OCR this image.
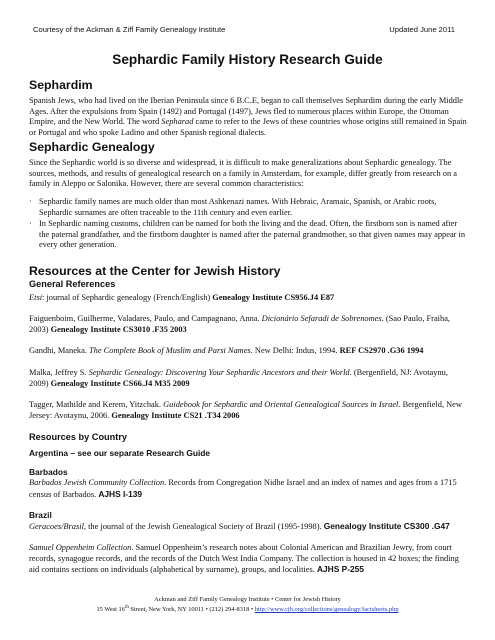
Courtesy of the Ackman & Ziff Family Genealogy Institute	Updated June 2011
Sephardic Family History Research Guide
Sephardim
Spanish Jews, who had lived on the Iberian Peninsula since 6 B.C.E, began to call themselves Sephardim during the early Middle Ages. After the expulsions from Spain (1492) and Portugal (1497), Jews fled to numerous places within Europe, the Ottoman Empire, and the New World. The word Sepharad came to refer to the Jews of these countries whose origins still remained in Spain or Portugal and who spoke Ladino and other Spanish regional dialects.
Sephardic Genealogy
Since the Sephardic world is so diverse and widespread, it is difficult to make generalizations about Sephardic genealogy. The sources, methods, and results of genealogical research on a family in Amsterdam, for example, differ greatly from research on a family in Aleppo or Salonika. However, there are several common characteristics:
· Sephardic family names are much older than most Ashkenazi names. With Hebraic, Aramaic, Spanish, or Arabic roots, Sephardic surnames are often traceable to the 11th century and even earlier.
· In Sephardic naming customs, children can be named for both the living and the dead. Often, the firstborn son is named after the paternal grandfather, and the firstborn daughter is named after the paternal grandmother, so that given names may appear in every other generation.
Resources at the Center for Jewish History
General References
Etsi: journal of Sephardic genealogy (French/English) Genealogy Institute CS956.J4 E87
Faiguenboim, Guilherme, Valadares, Paulo, and Campagnano, Anna. Dicionário Sefaradi de Sobrenomes. (Sao Paulo, Fraiha, 2003) Genealogy Institute CS3010 .F35 2003
Gandhi, Maneka. The Complete Book of Muslim and Parsi Names. New Delhi: Indus, 1994. REF CS2970 .G36 1994
Malka, Jeffrey S. Sephardic Genealogy: Discovering Your Sephardic Ancestors and their World. (Bergenfield, NJ: Avotaynu, 2009) Genealogy Institute CS66.J4 M35 2009
Tagger, Mathilde and Kerem, Yitzchak. Guidebook for Sephardic and Oriental Genealogical Sources in Israel. Bergenfield, New Jersey: Avotaynu, 2006. Genealogy Institute CS21 .T34 2006
Resources by Country
Argentina – see our separate Research Guide
Barbados
Barbados Jewish Community Collection. Records from Congregation Nidhe Israel and an index of names and ages from a 1715 census of Barbados. AJHS I-139
Brazil
Geracoes/Brasil, the journal of the Jewish Genealogical Society of Brazil (1995-1998). Genealogy Institute CS300 .G47
Samuel Oppenheim Collection. Samuel Oppenheim’s research notes about Colonial American and Brazilian Jewry, from court records, synagogue records, and the records of the Dutch West India Company. The collection is housed in 42 boxes; the finding aid contains sections on individuals (alphabetical by surname), groups, and localities. AJHS P-255
Ackman and Ziff Family Genealogy Institute • Center for Jewish History
15 West 16th Street, New York, NY 10011 • (212) 294-8318 • http://www.cjh.org/collections/genealogy/factsheets.php
